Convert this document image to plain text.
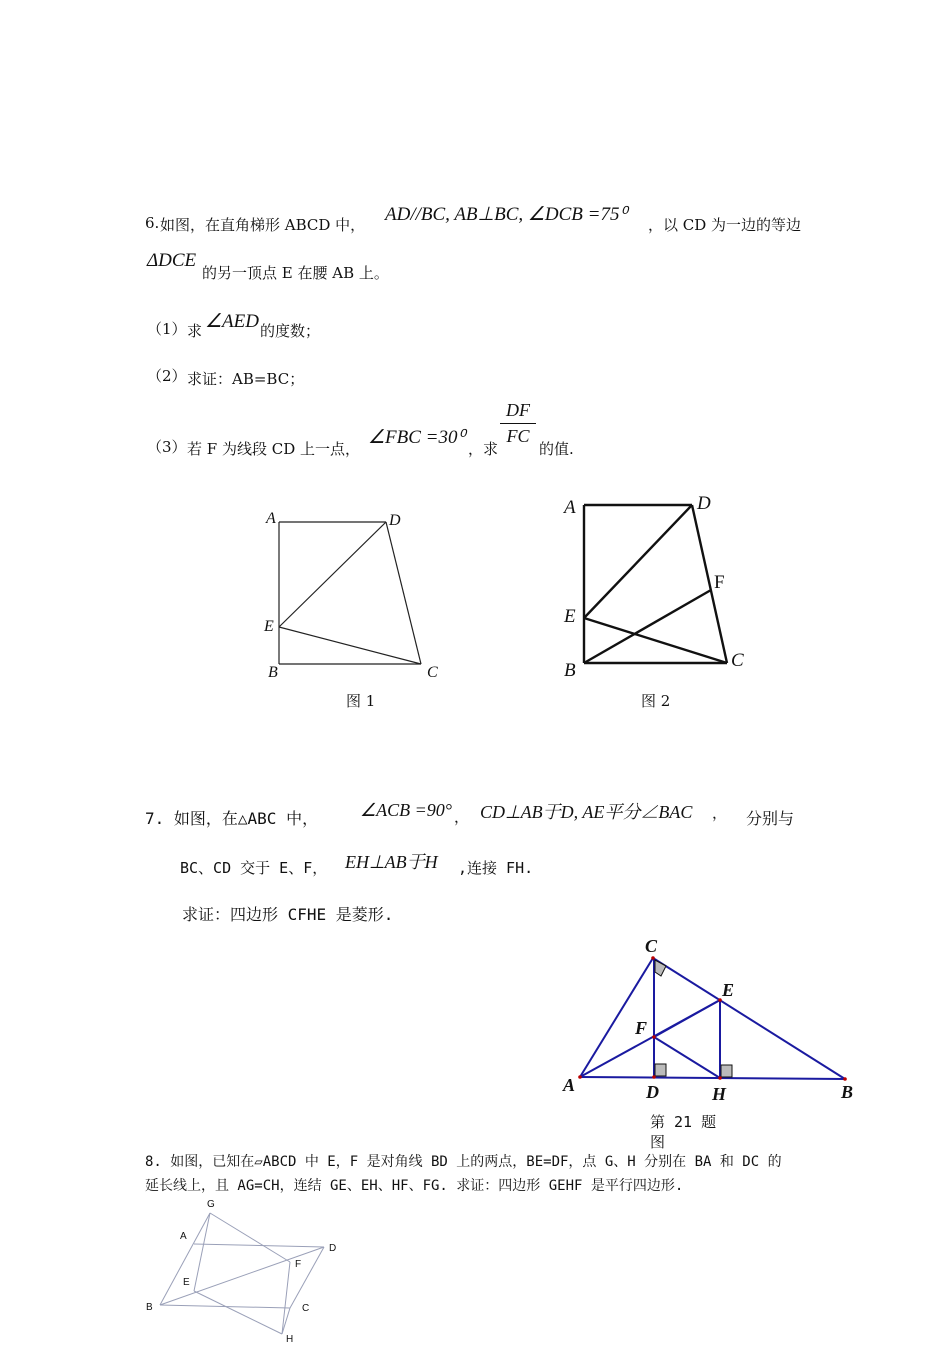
6. 如图，在直角梯形 ABCD 中， AD//BC, AB⊥BC, ∠DCB =75⁰ ，以 CD 为一边的等边
ΔDCE
的另一顶点 E 在腰 AB 上。
（1） 求 ∠AED 的度数；
（2） 求证：AB=BC；
（3） 若 F 为线段 CD 上一点，
∠FBC =30⁰
，求
DF
FC
的值.
A	D
E
B	C
图 1
A	D
F
E
B	C
图 2
7. 如图，在△ABC 中， ∠ACB =90° ， CD⊥AB于D, AE平分∠BAC ， 分别与
BC、CD 交于 E、F， EH⊥AB于H ,连接 FH.
求证：四边形 CFHE 是菱形.
C
E
F
A	D	H	B
第 21 题
图
8. 如图，已知在▱ABCD 中 E，F 是对角线 BD 上的两点，BE=DF，点 G、H 分别在 BA 和 DC 的
延长线上，且 AG=CH，连结 GE、EH、HF、FG. 求证：四边形 GEHF 是平行四边形.
G
A
D
F
E
B	C
H
